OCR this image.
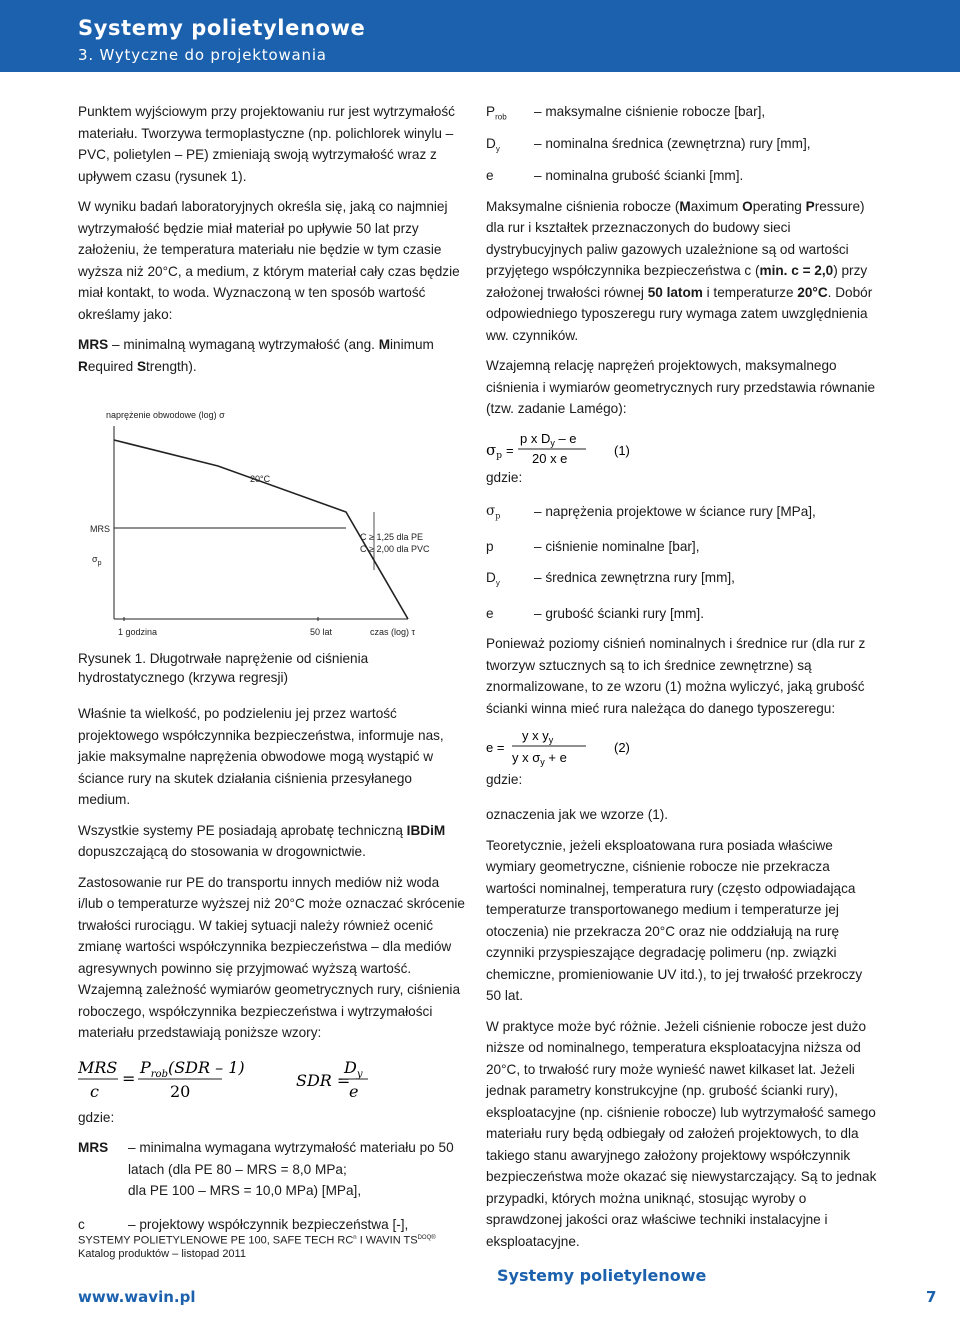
Systemy polietylenowe
3. Wytyczne do projektowania

Punktem wyjściowym przy projektowaniu rur jest wytrzymałość materiału. Tworzywa termoplastyczne (np. polichlorek winylu – PVC, polietylen – PE) zmieniają swoją wytrzymałość wraz z upływem czasu (rysunek 1).

W wyniku badań laboratoryjnych określa się, jaką co najmniej wytrzymałość będzie miał materiał po upływie 50 lat przy założeniu, że temperatura materiału nie będzie w tym czasie wyższa niż 20°C, a medium, z którym materiał cały czas będzie miał kontakt, to woda. Wyznaczoną w ten sposób wartość określamy jako:

MRS – minimalną wymaganą wytrzymałość (ang. Minimum Required Strength).

naprężenie obwodowe (log) σ
20°C
MRS
$\sigma_p$
C ≥ 1,25 dla PE
C ≥ 2,00 dla PVC
1 godzina	50 lat	czas (log) τ
Rysunek 1. Długotrwałe naprężenie od ciśnienia hydrostatycznego (krzywa regresji)

Właśnie ta wielkość, po podzieleniu jej przez wartość projektowego współczynnika bezpieczeństwa, informuje nas, jakie maksymalne naprężenia obwodowe mogą wystąpić w ściance rury na skutek działania ciśnienia przesyłanego medium.

Wszystkie systemy PE posiadają aprobatę techniczną IBDiM dopuszczającą do stosowania w drogownictwie.

Zastosowanie rur PE do transportu innych mediów niż woda i/lub o temperaturze wyższej niż 20°C może oznaczać skrócenie trwałości rurociągu. W takiej sytuacji należy również ocenić zmianę wartości współczynnika bezpieczeństwa – dla mediów agresywnych powinno się przyjmować wyższą wartość. Wzajemną zależność wymiarów geometrycznych rury, ciśnienia roboczego, współczynnika bezpieczeństwa i wytrzymałości materiału przedstawiają poniższe wzory:

MRS
c
=
$P_{rob}(SDR - 1)$
20
SDR =
$D_y$
e

gdzie:

MRS	– minimalna wymagana wytrzymałość materiału po 50
latach (dla PE 80 – MRS = 8,0 MPa;
dla PE 100 – MRS = 10,0 MPa) [MPa],
c	– projektowy współczynnik bezpieczeństwa [-],
$P_{rob}$	– maksymalne ciśnienie robocze [bar],
$D_y$	– nominalna średnica (zewnętrzna) rury [mm],
e	– nominalna grubość ścianki [mm].

Maksymalne ciśnienia robocze (Maximum Operating Pressure) dla rur i kształtek przeznaczonych do budowy sieci dystrybucyjnych paliw gazowych uzależnione są od wartości przyjętego współczynnika bezpieczeństwa c (min. c = 2,0) przy założonej trwałości równej 50 latom i temperaturze 20°C. Dobór odpowiedniego typoszeregu rury wymaga zatem uwzględnienia ww. czynników.

Wzajemną relację naprężeń projektowych, maksymalnego ciśnienia i wymiarów geometrycznych rury przedstawia równanie (tzw. zadanie Lamégo):

$\sigma_p$ =
p x $D_y$ – e
20 x e
(1)

gdzie:

$\sigma_p$	– naprężenia projektowe w ściance rury [MPa],
p	– ciśnienie nominalne [bar],
$D_y$	– średnica zewnętrzna rury [mm],
e	– grubość ścianki rury [mm].

Ponieważ poziomy ciśnień nominalnych i średnice rur (dla rur z tworzyw sztucznych są to ich średnice zewnętrzne) są znormalizowane, to ze wzoru (1) można wyliczyć, jaką grubość ścianki winna mieć rura należąca do danego typoszeregu:

e =
y x $y_y$
y x $\sigma_y + e$
(2)

gdzie:

oznaczenia jak we wzorze (1).

Teoretycznie, jeżeli eksploatowana rura posiada właściwe wymiary geometryczne, ciśnienie robocze nie przekracza wartości nominalnej, temperatura rury (często odpowiadająca temperaturze transportowanego medium i temperaturze jej otoczenia) nie przekracza 20°C oraz nie oddziałują na rurę czynniki przyspieszające degradację polimeru (np. związki chemiczne, promieniowanie UV itd.), to jej trwałość przekroczy 50 lat.

W praktyce może być różnie. Jeżeli ciśnienie robocze jest dużo niższe od nominalnego, temperatura eksploatacyjna niższa od 20°C, to trwałość rury może wynieść nawet kilkaset lat. Jeżeli jednak parametry konstrukcyjne (np. grubość ścianki rury), eksploatacyjne (np. ciśnienie robocze) lub wytrzymałość samego materiału rury będą odbiegały od założeń projektowych, to dla takiego stanu awaryjnego założony projektowy współczynnik bezpieczeństwa może okazać się niewystarczający. Są to jednak przypadki, których można uniknąć, stosując wyroby o sprawdzonej jakości oraz właściwe techniki instalacyjne i eksploatacyjne.

SYSTEMY POLIETYLENOWE PE 100, SAFE TECH $RC^n$ I WAVIN $TS^{DOQ®}$
Katalog produktów – listopad 2011
Systemy polietylenowe
www.wavin.pl	7
